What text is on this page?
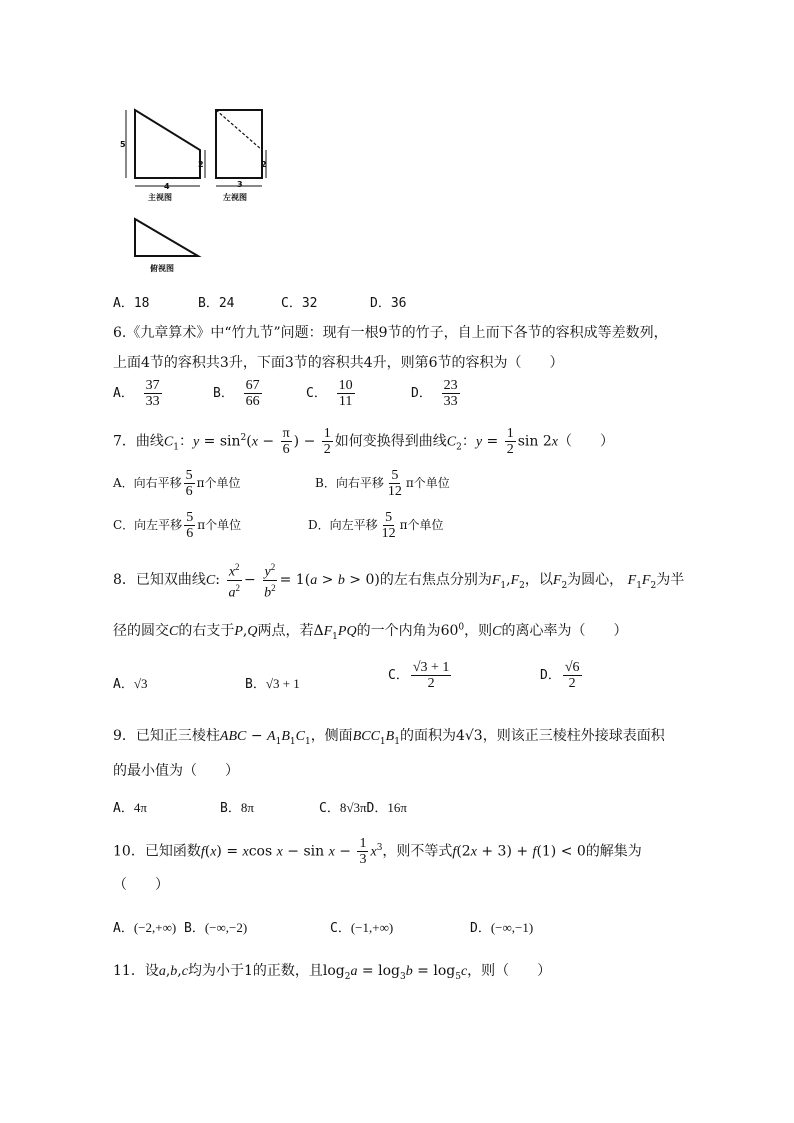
5
4
2
3
2
主视图	左视图
俯视图
A．18	B．24	C．32	D．36
6.《九章算术》中“竹九节”问题：现有一根9节的竹子，自上而下各节的容积成等差数列，
上面4节的容积共3升，下面3节的容积共4升，则第6节的容积为（　　）
A． $\frac{37}{33}$	B． $\frac{67}{66}$	C． $\frac{10}{11}$	D． $\frac{23}{33}$
7．曲线$C_1$：$y = \sin^2(x - \frac{\pi}{6}$ ) − $\frac{1}{2}$ 如何变换得到曲线$C_2$：$y = \frac{1}{2}$ sin 2x（　　）
A．向右平移 $\frac{5}{6}$ π个单位	B．向右平移 $\frac{5}{12}$ π个单位
C．向左平移 $\frac{5}{6}$ π个单位	D．向左平移 $\frac{5}{12}$ π个单位
8．已知双曲线C: $\frac{x^2}{a^2} - \frac{y^2}{b^2} = 1(a > b > 0)$的左右焦点分别为$F_1,F_2$，以$F_2$为圆心， $F_1F_2$为半
径的圆交C的右支于P,Q两点，若$\Delta F_1PQ$的一个内角为$60^0$，则C的离心率为（　　）
A．√3	B．√3 + 1
C． $\frac{√3 + 1}{2}$	D． $\frac{√6}{2}$
9．已知正三棱柱ABC − $A_1B_1C_1$，侧面$BCC_1B_1$的面积为4√3，则该正三棱柱外接球表面积
的最小值为（　　）
A．4π	B．8π	C．8√3πD．16π
10．已知函数f(x) = xcos $x - \sin x - \frac{1}{3} x^3$，则不等式f(2x + 3) + f(1) < 0的解集为
（　　）
A．(−2,+∞) B．(−∞,−2)	C．(−1,+∞)	D．(−∞,−1)
11．设a,b,c均为小于1的正数，且$\log_2a = \log_3b = \log_5c$，则（　　）
